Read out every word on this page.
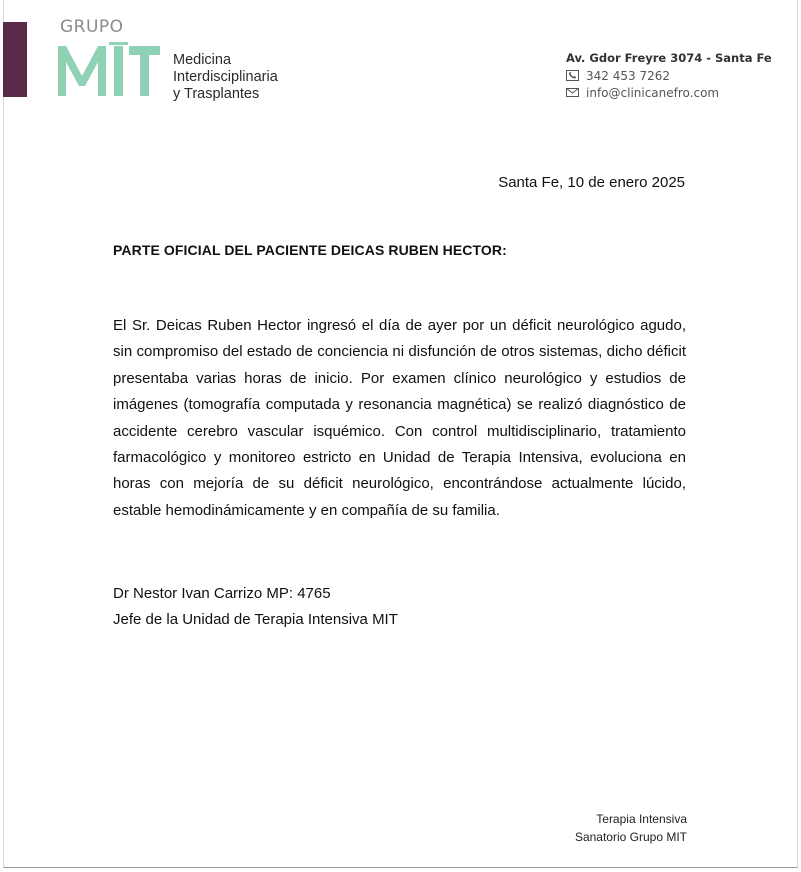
GRUPO
Medicina
Interdisciplinaria
y Trasplantes
Av. Gdor Freyre 3074 - Santa Fe
342 453 7262
info@clinicanefro.com
Santa Fe, 10 de enero 2025
PARTE OFICIAL DEL PACIENTE DEICAS RUBEN HECTOR:
El Sr. Deicas Ruben Hector ingresó el día de ayer por un déficit neurológico agudo, sin compromiso del estado de conciencia ni disfunción de otros sistemas, dicho déficit presentaba varias horas de inicio. Por examen clínico neurológico y estudios de imágenes (tomografía computada y resonancia magnética) se realizó diagnóstico de accidente cerebro vascular isquémico. Con control multidisciplinario, tratamiento farmacológico y monitoreo estricto en Unidad de Terapia Intensiva, evoluciona en horas con mejoría de su déficit neurológico, encontrándose actualmente lúcido, estable hemodinámicamente y en compañía de su familia.
Dr Nestor Ivan Carrizo MP: 4765
Jefe de la Unidad de Terapia Intensiva MIT
Terapia Intensiva
Sanatorio Grupo MIT
